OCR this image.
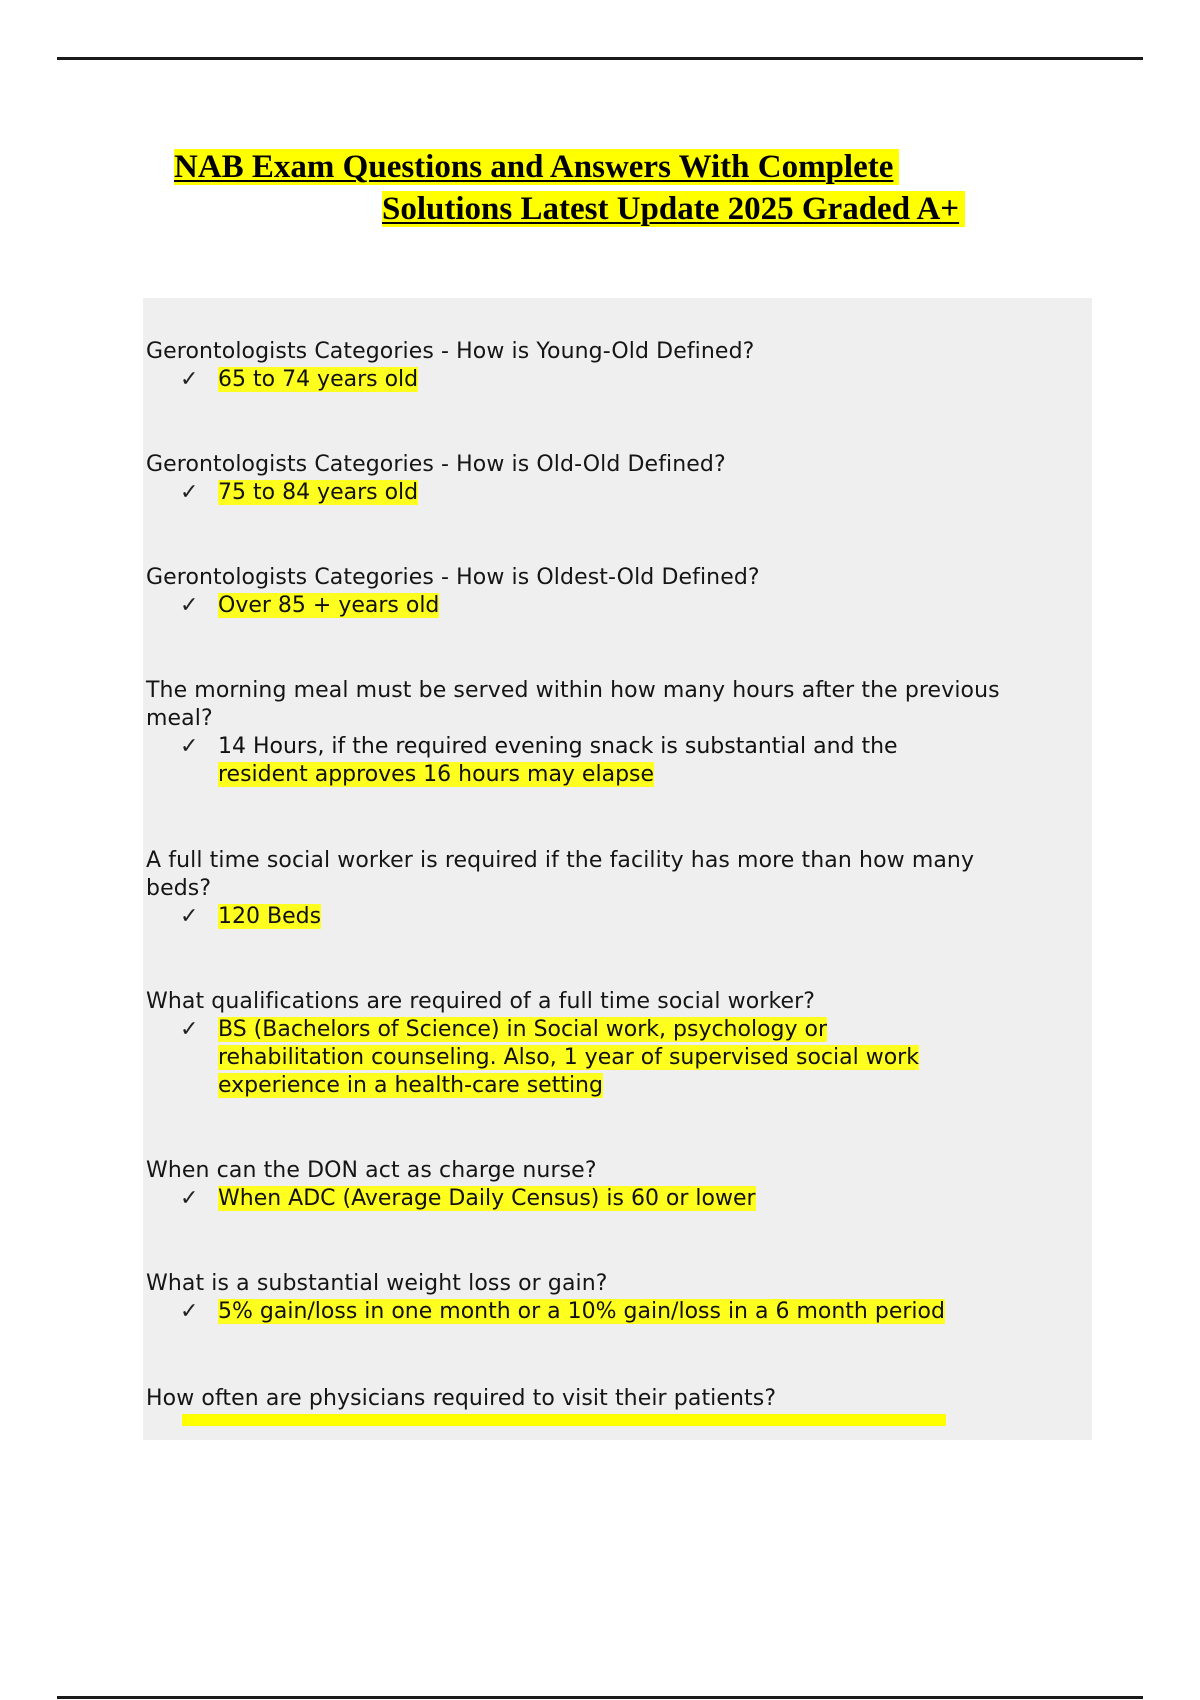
NAB Exam Questions and Answers With Complete
Solutions Latest Update 2025 Graded A+
Gerontologists Categories - How is Young-Old Defined?
✓ 65 to 74 years old
Gerontologists Categories - How is Old-Old Defined?
✓ 75 to 84 years old
Gerontologists Categories - How is Oldest-Old Defined?
✓ Over 85 + years old
The morning meal must be served within how many hours after the previous
meal?
✓ 14 Hours, if the required evening snack is substantial and the
resident approves 16 hours may elapse
A full time social worker is required if the facility has more than how many
beds?
✓ 120 Beds
What qualifications are required of a full time social worker?
✓ BS (Bachelors of Science) in Social work, psychology or
rehabilitation counseling. Also, 1 year of supervised social work
experience in a health-care setting
When can the DON act as charge nurse?
✓ When ADC (Average Daily Census) is 60 or lower
What is a substantial weight loss or gain?
✓ 5% gain/loss in one month or a 10% gain/loss in a 6 month period
How often are physicians required to visit their patients?
